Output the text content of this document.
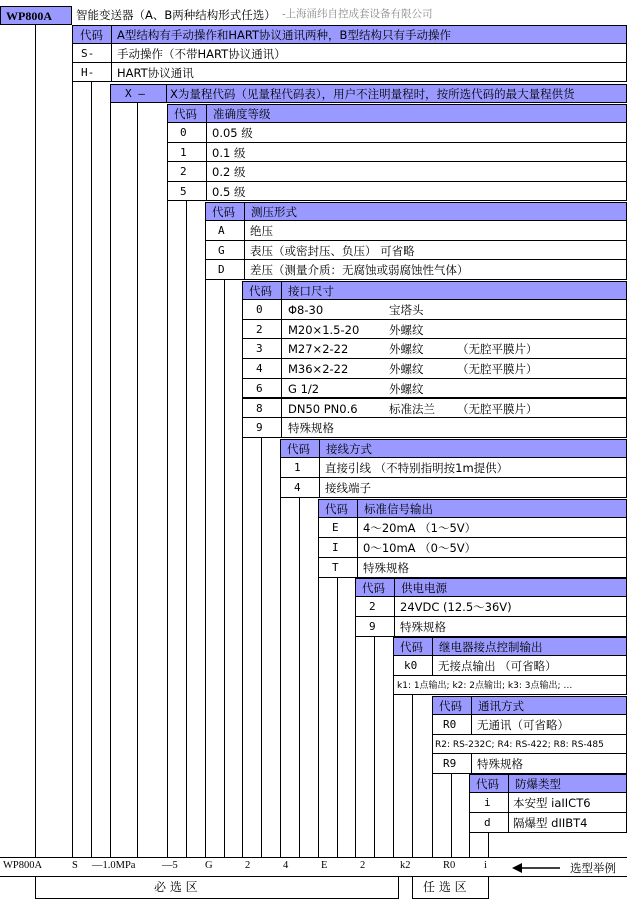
WP800A 智能变送器（A、B两种结构形式任选） -上海涌纬自控成套设备有限公司
代码 A型结构有手动操作和HART协议通讯两种，B型结构只有手动操作
S- 手动操作（不带HART协议通讯）
H- HART协议通讯
X — X为量程代码（见量程代码表），用户不注明量程时，按所选代码的最大量程供货
代码 准确度等级
0 0.05 级
1 0.1 级
2 0.2 级
5 0.5 级
代码 测压形式
A 绝压
G 表压（或密封压、负压） 可省略
D 差压（测量介质：无腐蚀或弱腐蚀性气体）
代码 接口尺寸
0 Φ8-30	宝塔头
2 M20×1.5-20	外螺纹
3 M27×2-22	外螺纹	（无腔平膜片）
4 M36×2-22	外螺纹	（无腔平膜片）
6 G 1/2	外螺纹
8 DN50 PN0.6	标准法兰 （无腔平膜片）
9 特殊规格
代码 接线方式
1 直接引线 （不特别指明按1m提供）
4 接线端子
代码 标准信号输出
E 4～20mA （1～5V）
I 0～10mA （0～5V）
T 特殊规格
代码 供电电源
2 24VDC (12.5～36V)
9 特殊规格
代码 继电器接点控制输出
k0 无接点输出 （可省略）
k1: 1点输出; k2: 2点输出; k3: 3点输出; …
代码 通讯方式
R0 无通讯（可省略）
R2: RS-232C; R4: RS-422; R8: RS-485
R9 特殊规格
代码 防爆类型
i 本安型 iaIICT6
d 隔爆型 dIIBT4
WP800A	S —1.0MPa	—5	G	2	4	E	2	k2	R0	i	选型举例
必 选 区	任 选 区
